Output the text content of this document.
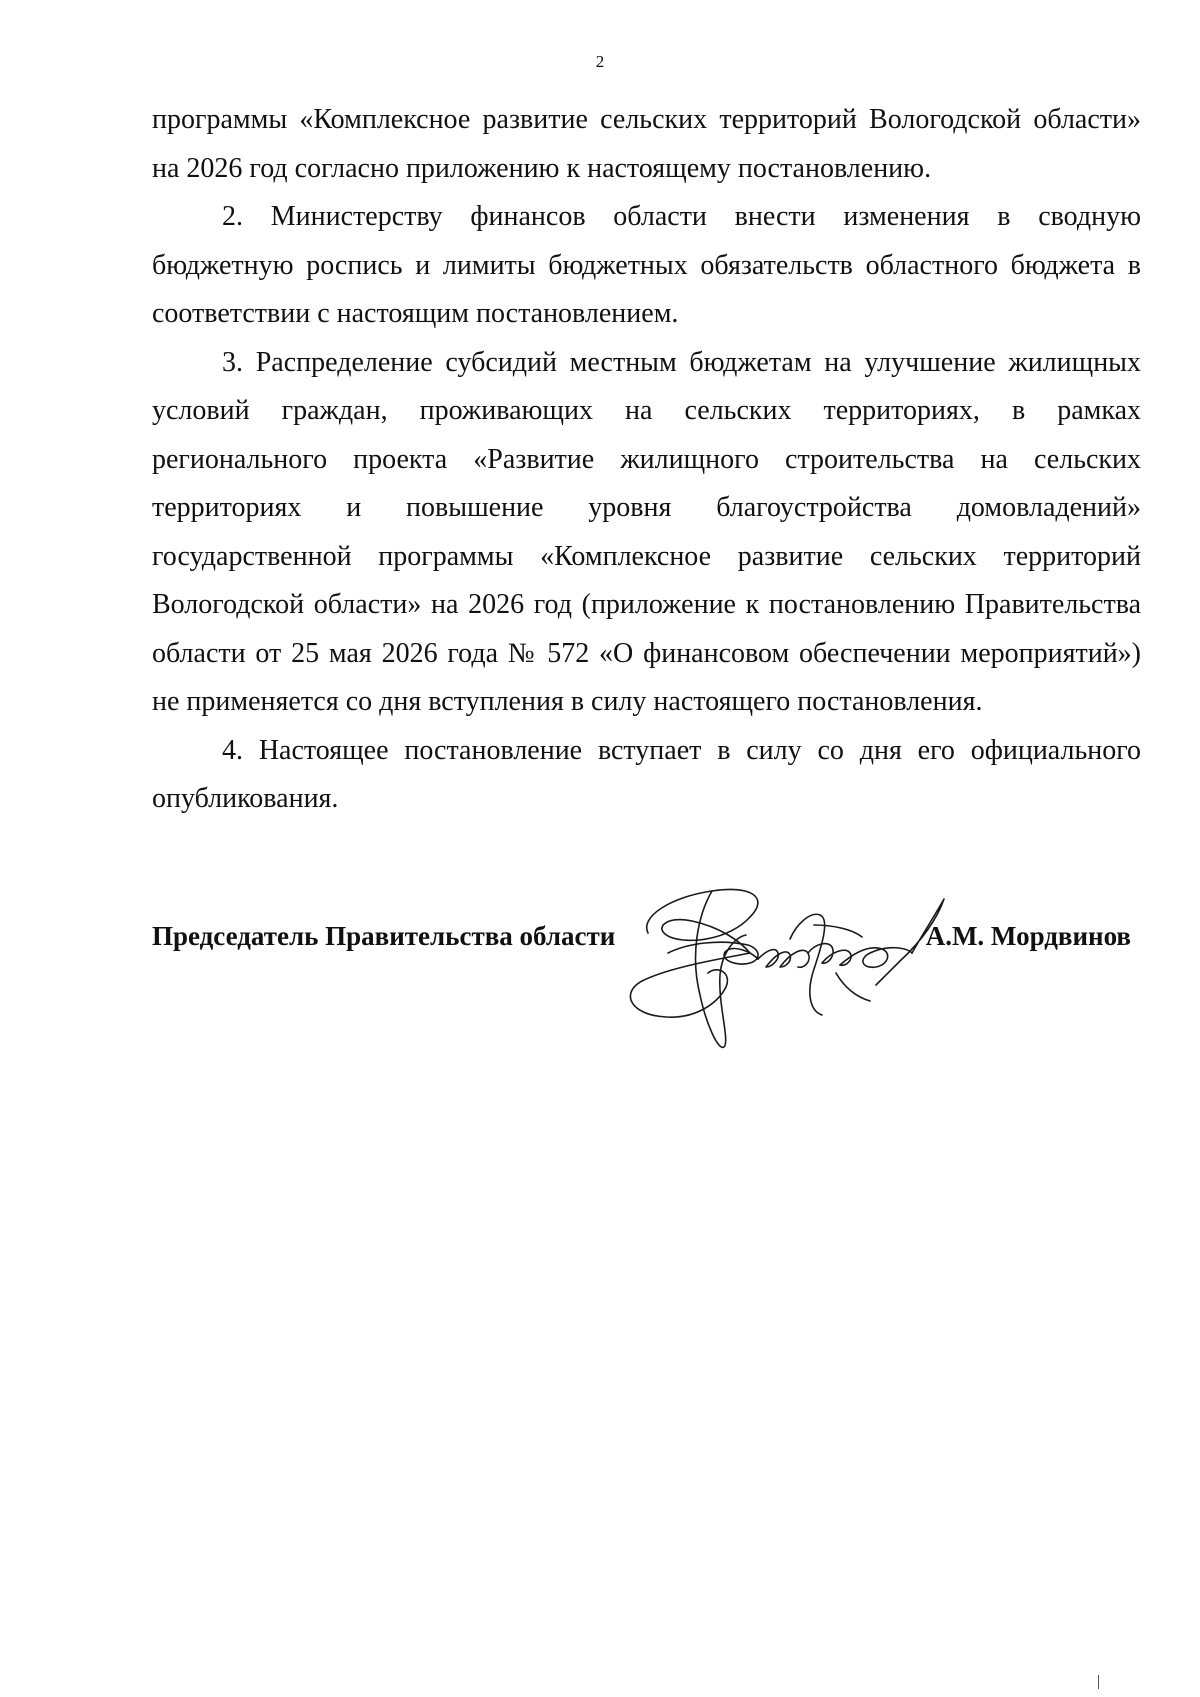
2

программы «Комплексное развитие сельских территорий Вологодской области» на 2026 год согласно приложению к настоящему постановлению.

2. Министерству финансов области внести изменения в сводную бюджетную роспись и лимиты бюджетных обязательств областного бюджета в соответствии с настоящим постановлением.

3. Распределение субсидий местным бюджетам на улучшение жилищных условий граждан, проживающих на сельских территориях, в рамках регионального проекта «Развитие жилищного строительства на сельских территориях и повышение уровня благоустройства домовладений» государственной программы «Комплексное развитие сельских территорий Вологодской области» на 2026 год (приложение к постановлению Правительства области от 25 мая 2026 года № 572 «О финансовом обеспечении мероприятий») не применяется со дня вступления в силу настоящего постановления.

4. Настоящее постановление вступает в силу со дня его официального опубликования.

Председатель Правительства области	А.М. Мордвинов
